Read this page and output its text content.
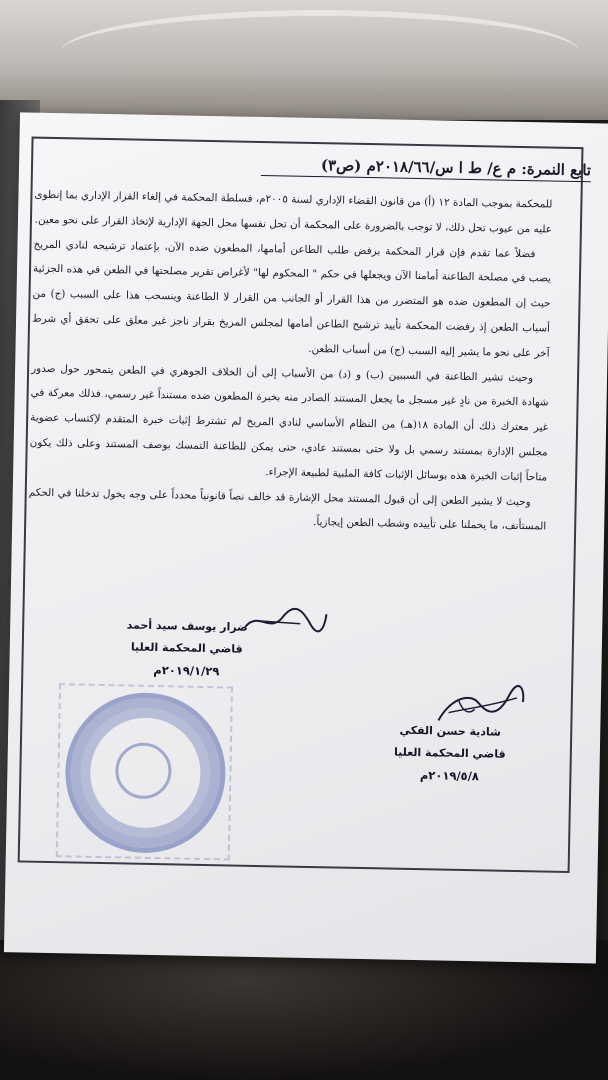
تابع النمرة: م ع/ ط ا س/٢٠١٨/٦٦م (ص٣)

للمحكمة بموجب المادة ١٢ (أ) من قانون القضاء الإداري لسنة ٢٠٠٥م، فسلطة المحكمة في إلغاء القرار الإداري بما إنطوى عليه من عيوب تحل ذلك، لا توجب بالضرورة على المحكمة أن تحل نفسها محل الجهة الإدارية لإتخاذ القرار على نحو معين.

فضلاً عما تقدم فإن قرار المحكمة برفض طلب الطاعن أمامها، المطعون ضده الآن، بإعتماد ترشيحه لنادي المريخ يصب في مصلحة الطاعنة أمامنا الآن ويجعلها في حكم " المحكوم لها" لأغراض تقرير مصلحتها في الطعن في هذه الجزئية حيث إن المطعون ضده هو المتضرر من هذا القرار أو الجانب من القرار لا الطاعنة وينسحب هذا على السبب (ج) من أسباب الطعن إذ رفضت المحكمة تأييد ترشيح الطاعن أمامها لمجلس المريخ بقرار ناجز غير معلق على تحقق أي شرط آخر على نحو ما يشير إليه السبب (ج) من أسباب الطعن.

وحيث تشير الطاعنة في السببين (ب) و (د) من الأسباب إلى أن الخلاف الجوهري في الطعن يتمحور حول صدور شهادة الخبرة من نادٍ غير مسجل ما يجعل المستند الصادر منه بخبرة المطعون ضده مستنداً غير رسمي، فذلك معركة في غير معترك ذلك أن المادة ١٨(هـ) من النظام الأساسي لنادي المريخ لم تشترط إثبات خبرة المتقدم لإكتساب عضوية مجلس الإدارة بمستند رسمي بل ولا حتى بمستند عادي، حتى يمكن للطاعنة التمسك بوصف المستند وعلى ذلك يكون متاحاً إثبات الخبرة هذه بوسائل الإثبات كافة الملبية لطبيعة الإجراء.

وحيث لا يشير الطعن إلى أن قبول المستند محل الإشارة قد خالف نصاً قانونياً محدداً على وجه يخول تدخلنا في الحكم المستأنف، ما يحملنا على تأييده وشطب الطعن إيجازياً.

ضرار يوسف سيد أحمد
قاضي المحكمة العليا
٢٠١٩/١/٢٩م
شادية حسن الفكي
قاضي المحكمة العليا
٢٠١٩/٥/٨م
